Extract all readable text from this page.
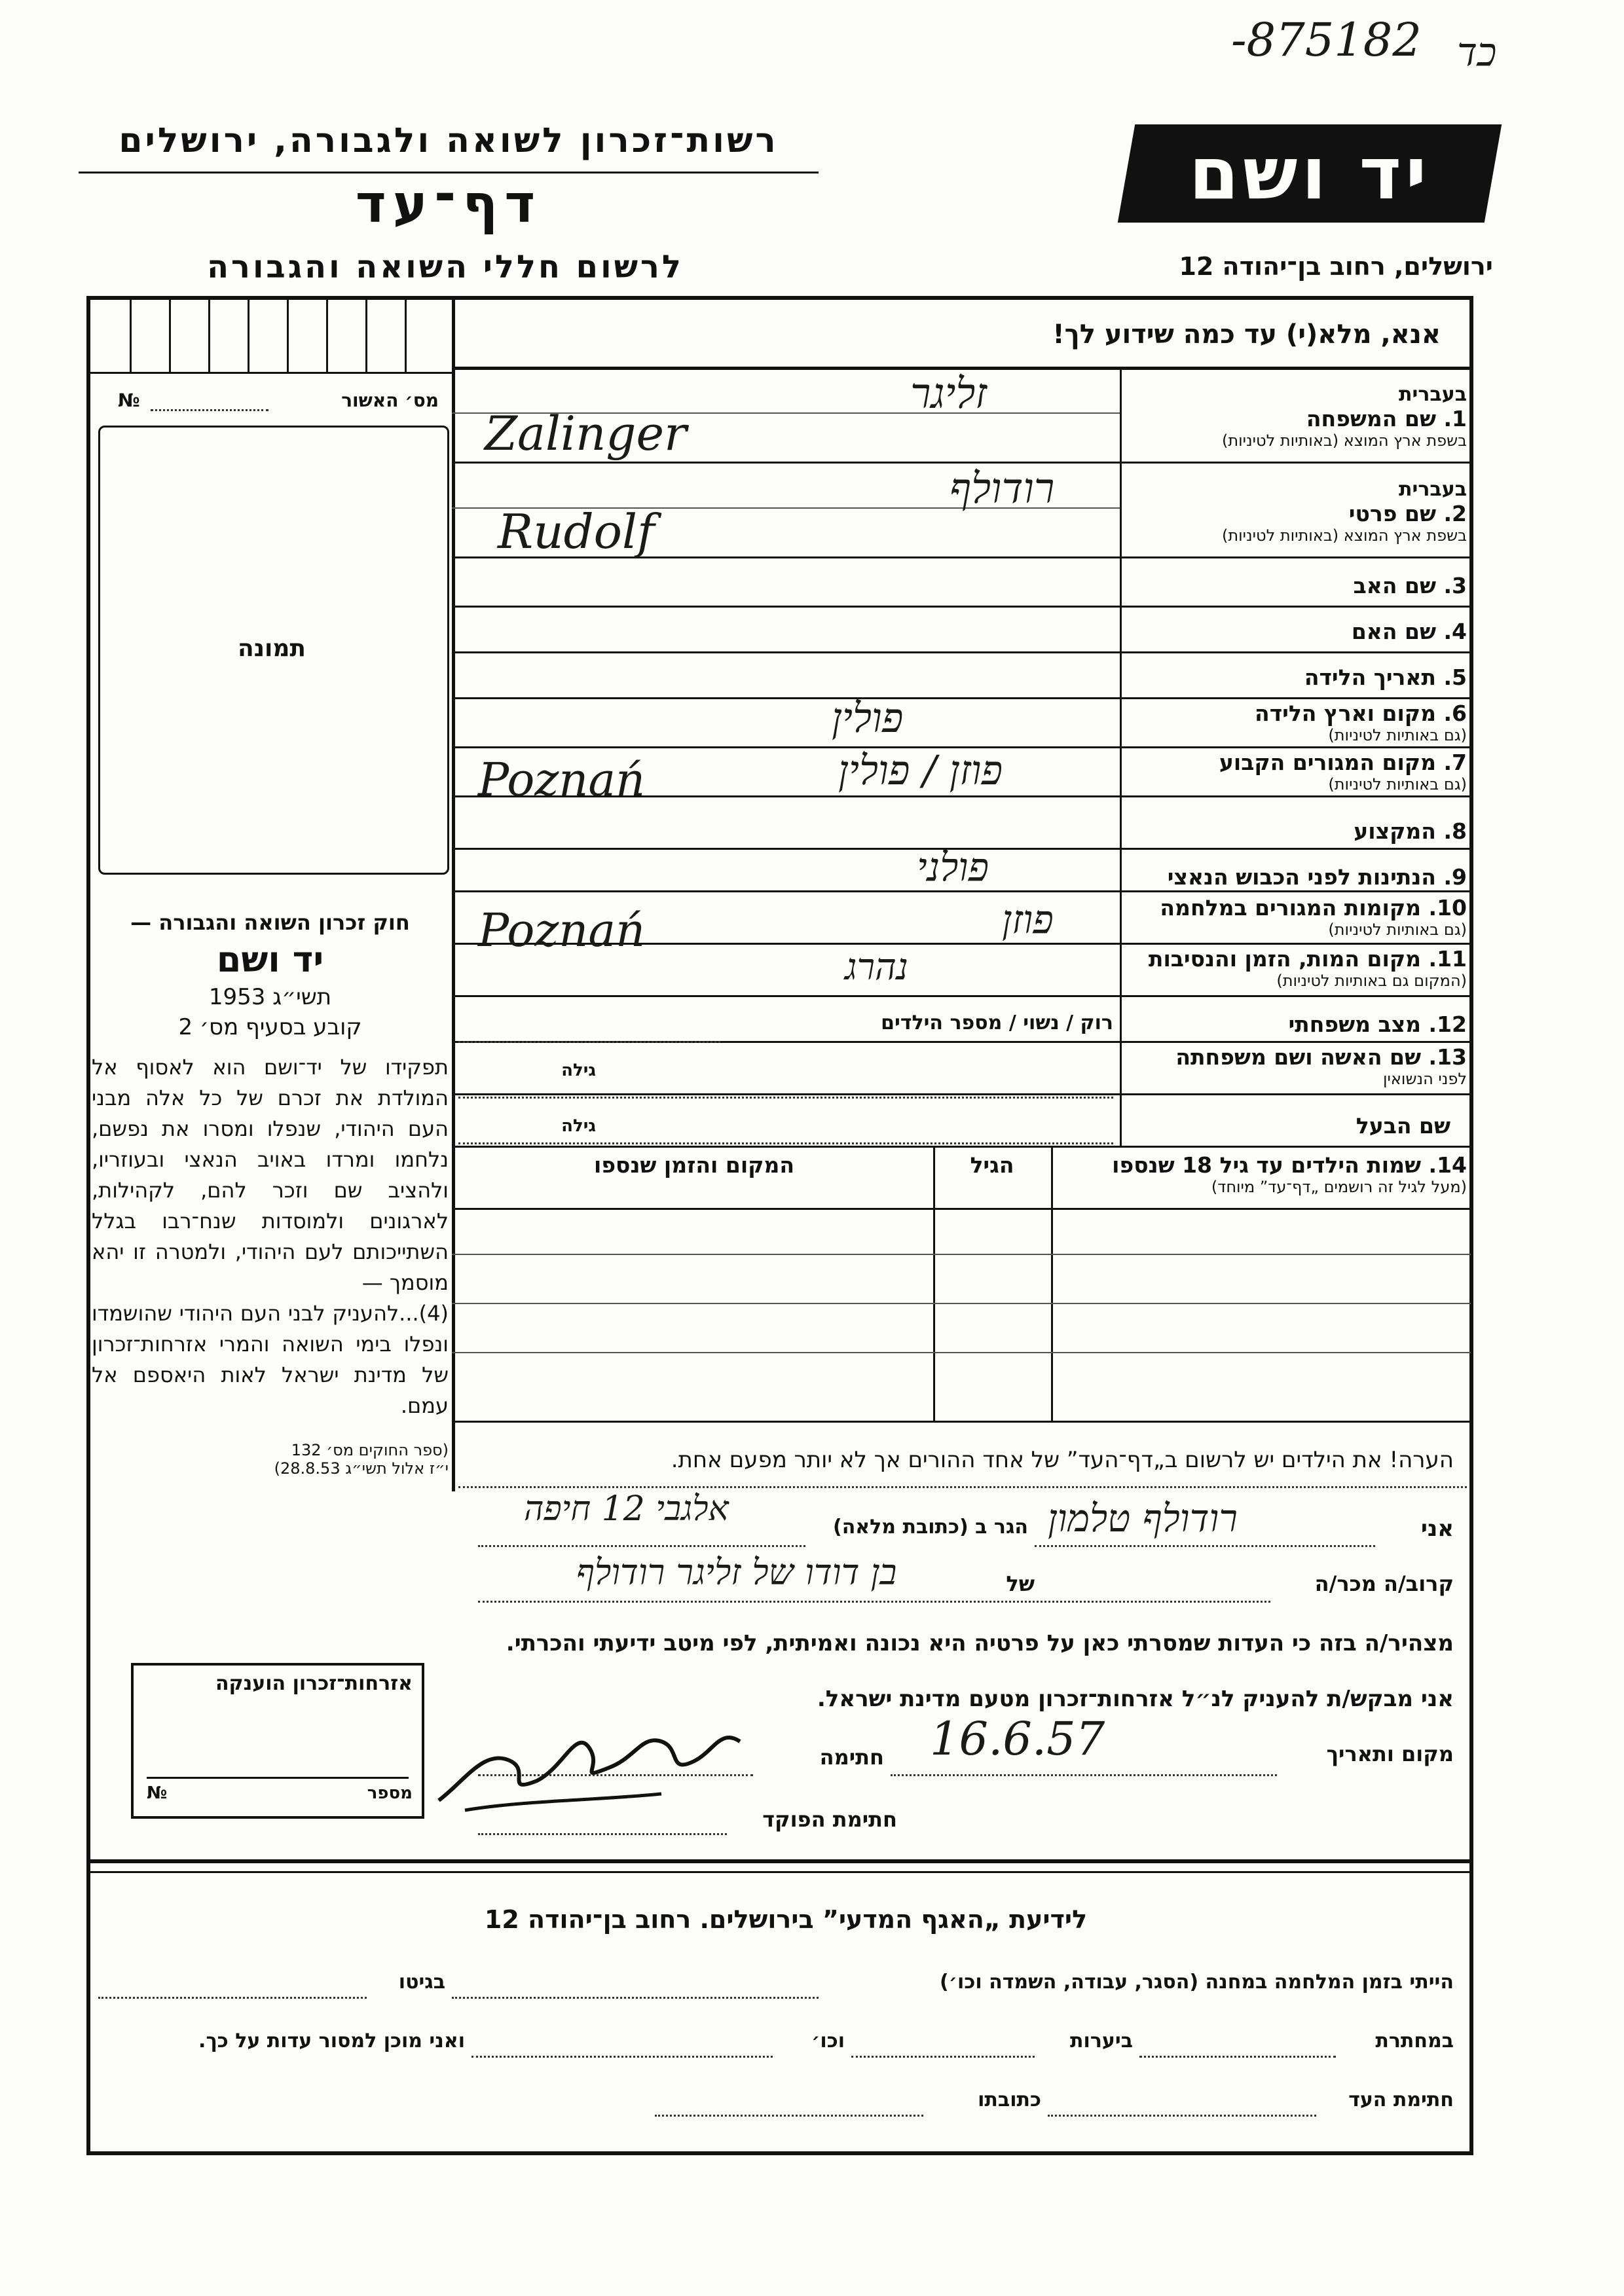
-875182 כד
רשות־זכרון לשואה ולגבורה, ירושלים
דף־עד
לרשום חללי השואה והגבורה
יד ושם
ירושלים, רחוב בן־יהודה 12
אנא, מלא(י) עד כמה שידוע לך!
מס׳ האשור
№
תמונה
חוק זכרון השואה והגבורה —
יד ושם
תשי״ג 1953
קובע בסעיף מס׳ 2
תפקידו של יד־ושם הוא לאסוף אל המולדת את זכרם של כל אלה מבני העם היהודי, שנפלו ומסרו את נפשם, נלחמו ומרדו באויב הנאצי ובעוזריו, ולהציב שם וזכר להם, לקהילות, לארגונים ולמוסדות שנח־רבו בגלל השתייכותם לעם היהודי, ולמטרה זו יהא מוסמך —
(4)...להעניק לבני העם היהודי שהושמדו ונפלו בימי השואה והמרי אזרחות־זכרון של מדינת ישראל לאות היאספם אל עמם.
(ספר החוקים מס׳ 132
י״ז אלול תשי״ג 28.8.53)
בעברית
1. שם המשפחה
בשפת ארץ המוצא (באותיות לטיניות)
בעברית
2. שם פרטי
בשפת ארץ המוצא (באותיות לטיניות)
3. שם האב
4. שם האם
5. תאריך הלידה
6. מקום וארץ הלידה
(גם באותיות לטיניות)
7. מקום המגורים הקבוע
(גם באותיות לטיניות)
8. המקצוע
9. הנתינות לפני הכבוש הנאצי
10. מקומות המגורים במלחמה
(גם באותיות לטיניות)
11. מקום המות, הזמן והנסיבות
(המקום גם באותיות לטיניות)
12. מצב משפחתי
13. שם האשה ושם משפחתה
לפני הנשואין
שם הבעל
זליגר
Zalinger
רודולף
Rudolf
פולין
פוזן / פולין
Poznań
פולני
פוזן
Poznań
נהרג
רוק / נשוי / מספר הילדים
גילה
גילה
14. שמות הילדים עד גיל 18 שנספו
(מעל לגיל זה רושמים „דף־עד” מיוחד)
הגיל
המקום והזמן שנספו
הערה! את הילדים יש לרשום ב„דף־העד” של אחד ההורים אך לא יותר מפעם אחת.
אני
רודולף טלמון
הגר ב (כתובת מלאה)
אלגבי 12 חיפה
קרוב/ה מכר/ה
בן דודו של זליגר רודולף	של
מצהיר/ה בזה כי העדות שמסרתי כאן על פרטיה היא נכונה ואמיתית, לפי מיטב ידיעתי והכרתי.
אני מבקש/ת להעניק לנ״ל אזרחות־זכרון מטעם מדינת ישראל.
מקום ותאריך
16.6.57
חתימה
חתימת הפוקד
אזרחות־זכרון הוענקה
מספר
№
לידיעת „האגף המדעי” בירושלים. רחוב בן־יהודה 12
הייתי בזמן המלחמה במחנה (הסגר, עבודה, השמדה וכו׳)
בגיטו
במחתרת
ביערות
וכו׳
ואני מוכן למסור עדות על כך.
חתימת העד
כתובתו
